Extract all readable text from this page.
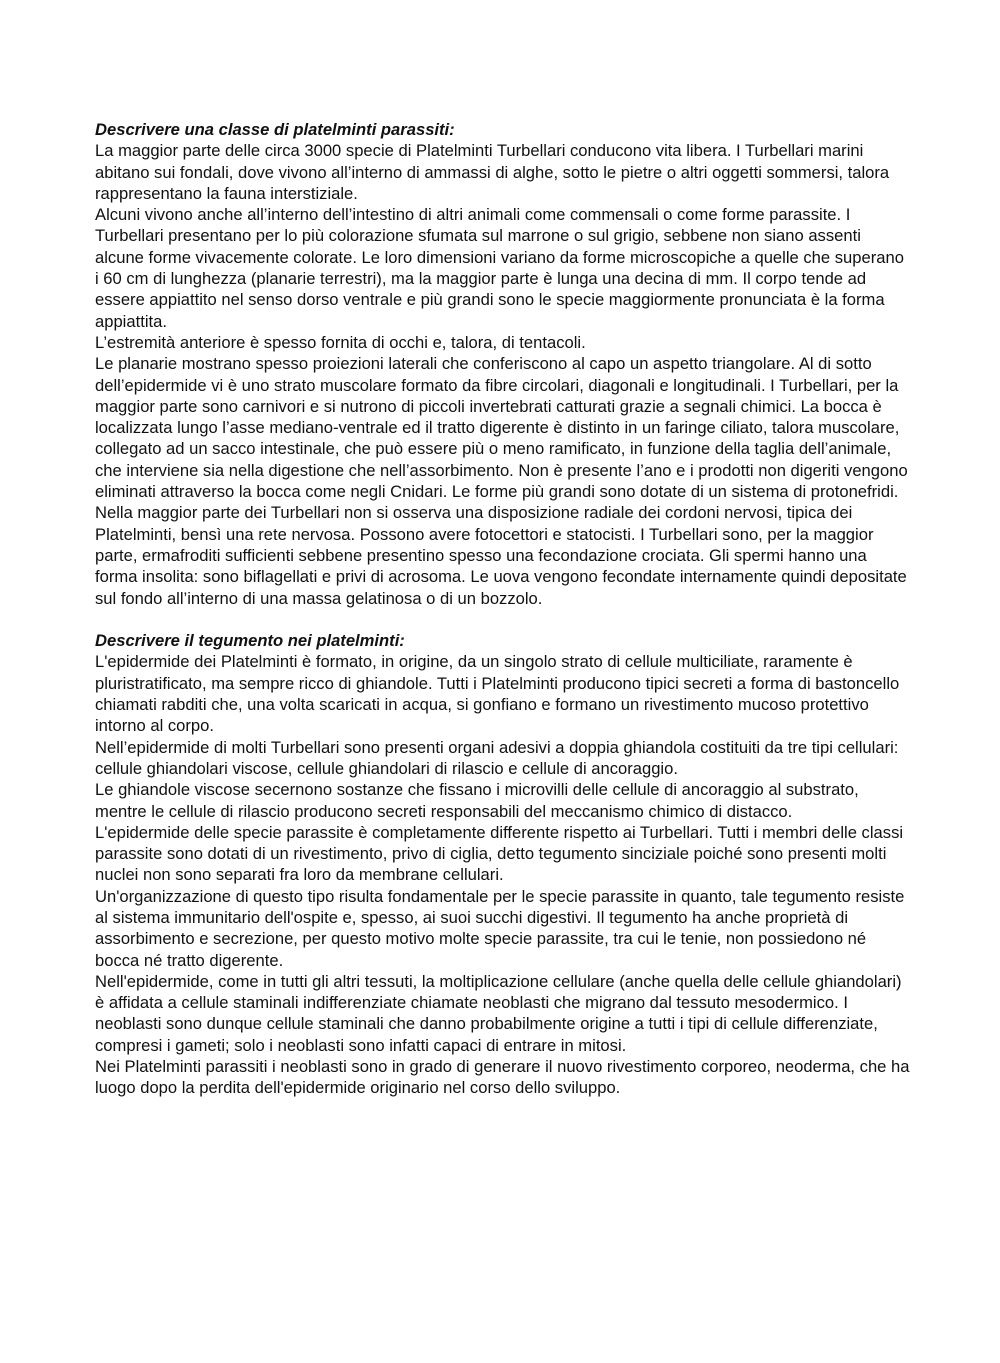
Descrivere una classe di platelminti parassiti:

La maggior parte delle circa 3000 specie di Platelminti Turbellari conducono vita libera. I Turbellari marini abitano sui fondali, dove vivono all’interno di ammassi di alghe, sotto le pietre o altri oggetti sommersi, talora rappresentano la fauna interstiziale.

Alcuni vivono anche all’interno dell’intestino di altri animali come commensali o come forme parassite. I Turbellari presentano per lo più colorazione sfumata sul marrone o sul grigio, sebbene non siano assenti alcune forme vivacemente colorate. Le loro dimensioni variano da forme microscopiche a quelle che superano i 60 cm di lunghezza (planarie terrestri), ma la maggior parte è lunga una decina di mm. Il corpo tende ad essere appiattito nel senso dorso ventrale e più grandi sono le specie maggiormente pronunciata è la forma appiattita.

L’estremità anteriore è spesso fornita di occhi e, talora, di tentacoli.

Le planarie mostrano spesso proiezioni laterali che conferiscono al capo un aspetto triangolare. Al di sotto dell’epidermide vi è uno strato muscolare formato da fibre circolari, diagonali e longitudinali. I Turbellari, per la maggior parte sono carnivori e si nutrono di piccoli invertebrati catturati grazie a segnali chimici. La bocca è localizzata lungo l’asse mediano-ventrale ed il tratto digerente è distinto in un faringe ciliato, talora muscolare, collegato ad un sacco intestinale, che può essere più o meno ramificato, in funzione della taglia dell’animale, che interviene sia nella digestione che nell’assorbimento. Non è presente l’ano e i prodotti non digeriti vengono eliminati attraverso la bocca come negli Cnidari. Le forme più grandi sono dotate di un sistema di protonefridi. Nella maggior parte dei Turbellari non si osserva una disposizione radiale dei cordoni nervosi, tipica dei Platelminti, bensì una rete nervosa. Possono avere fotocettori e statocisti. I Turbellari sono, per la maggior parte, ermafroditi sufficienti sebbene presentino spesso una fecondazione crociata. Gli spermi hanno una forma insolita: sono biflagellati e privi di acrosoma. Le uova vengono fecondate internamente quindi depositate sul fondo all’interno di una massa gelatinosa o di un bozzolo.

Descrivere il tegumento nei platelminti:

L'epidermide dei Platelminti è formato, in origine, da un singolo strato di cellule multiciliate, raramente è pluristratificato, ma sempre ricco di ghiandole. Tutti i Platelminti producono tipici secreti a forma di bastoncello chiamati rabditi che, una volta scaricati in acqua, si gonfiano e formano un rivestimento mucoso protettivo intorno al corpo.

Nell’epidermide di molti Turbellari sono presenti organi adesivi a doppia ghiandola costituiti da tre tipi cellulari: cellule ghiandolari viscose, cellule ghiandolari di rilascio e cellule di ancoraggio.

Le ghiandole viscose secernono sostanze che fissano i microvilli delle cellule di ancoraggio al substrato, mentre le cellule di rilascio producono secreti responsabili del meccanismo chimico di distacco.

L'epidermide delle specie parassite è completamente differente rispetto ai Turbellari. Tutti i membri delle classi parassite sono dotati di un rivestimento, privo di ciglia, detto tegumento sinciziale poiché sono presenti molti nuclei non sono separati fra loro da membrane cellulari.

Un'organizzazione di questo tipo risulta fondamentale per le specie parassite in quanto, tale tegumento resiste al sistema immunitario dell'ospite e, spesso, ai suoi succhi digestivi. Il tegumento ha anche proprietà di assorbimento e secrezione, per questo motivo molte specie parassite, tra cui le tenie, non possiedono né bocca né tratto digerente.

Nell'epidermide, come in tutti gli altri tessuti, la moltiplicazione cellulare (anche quella delle cellule ghiandolari) è affidata a cellule staminali indifferenziate chiamate neoblasti che migrano dal tessuto mesodermico. I neoblasti sono dunque cellule staminali che danno probabilmente origine a tutti i tipi di cellule differenziate, compresi i gameti; solo i neoblasti sono infatti capaci di entrare in mitosi.

Nei Platelminti parassiti i neoblasti sono in grado di generare il nuovo rivestimento corporeo, neoderma, che ha luogo dopo la perdita dell'epidermide originario nel corso dello sviluppo.
